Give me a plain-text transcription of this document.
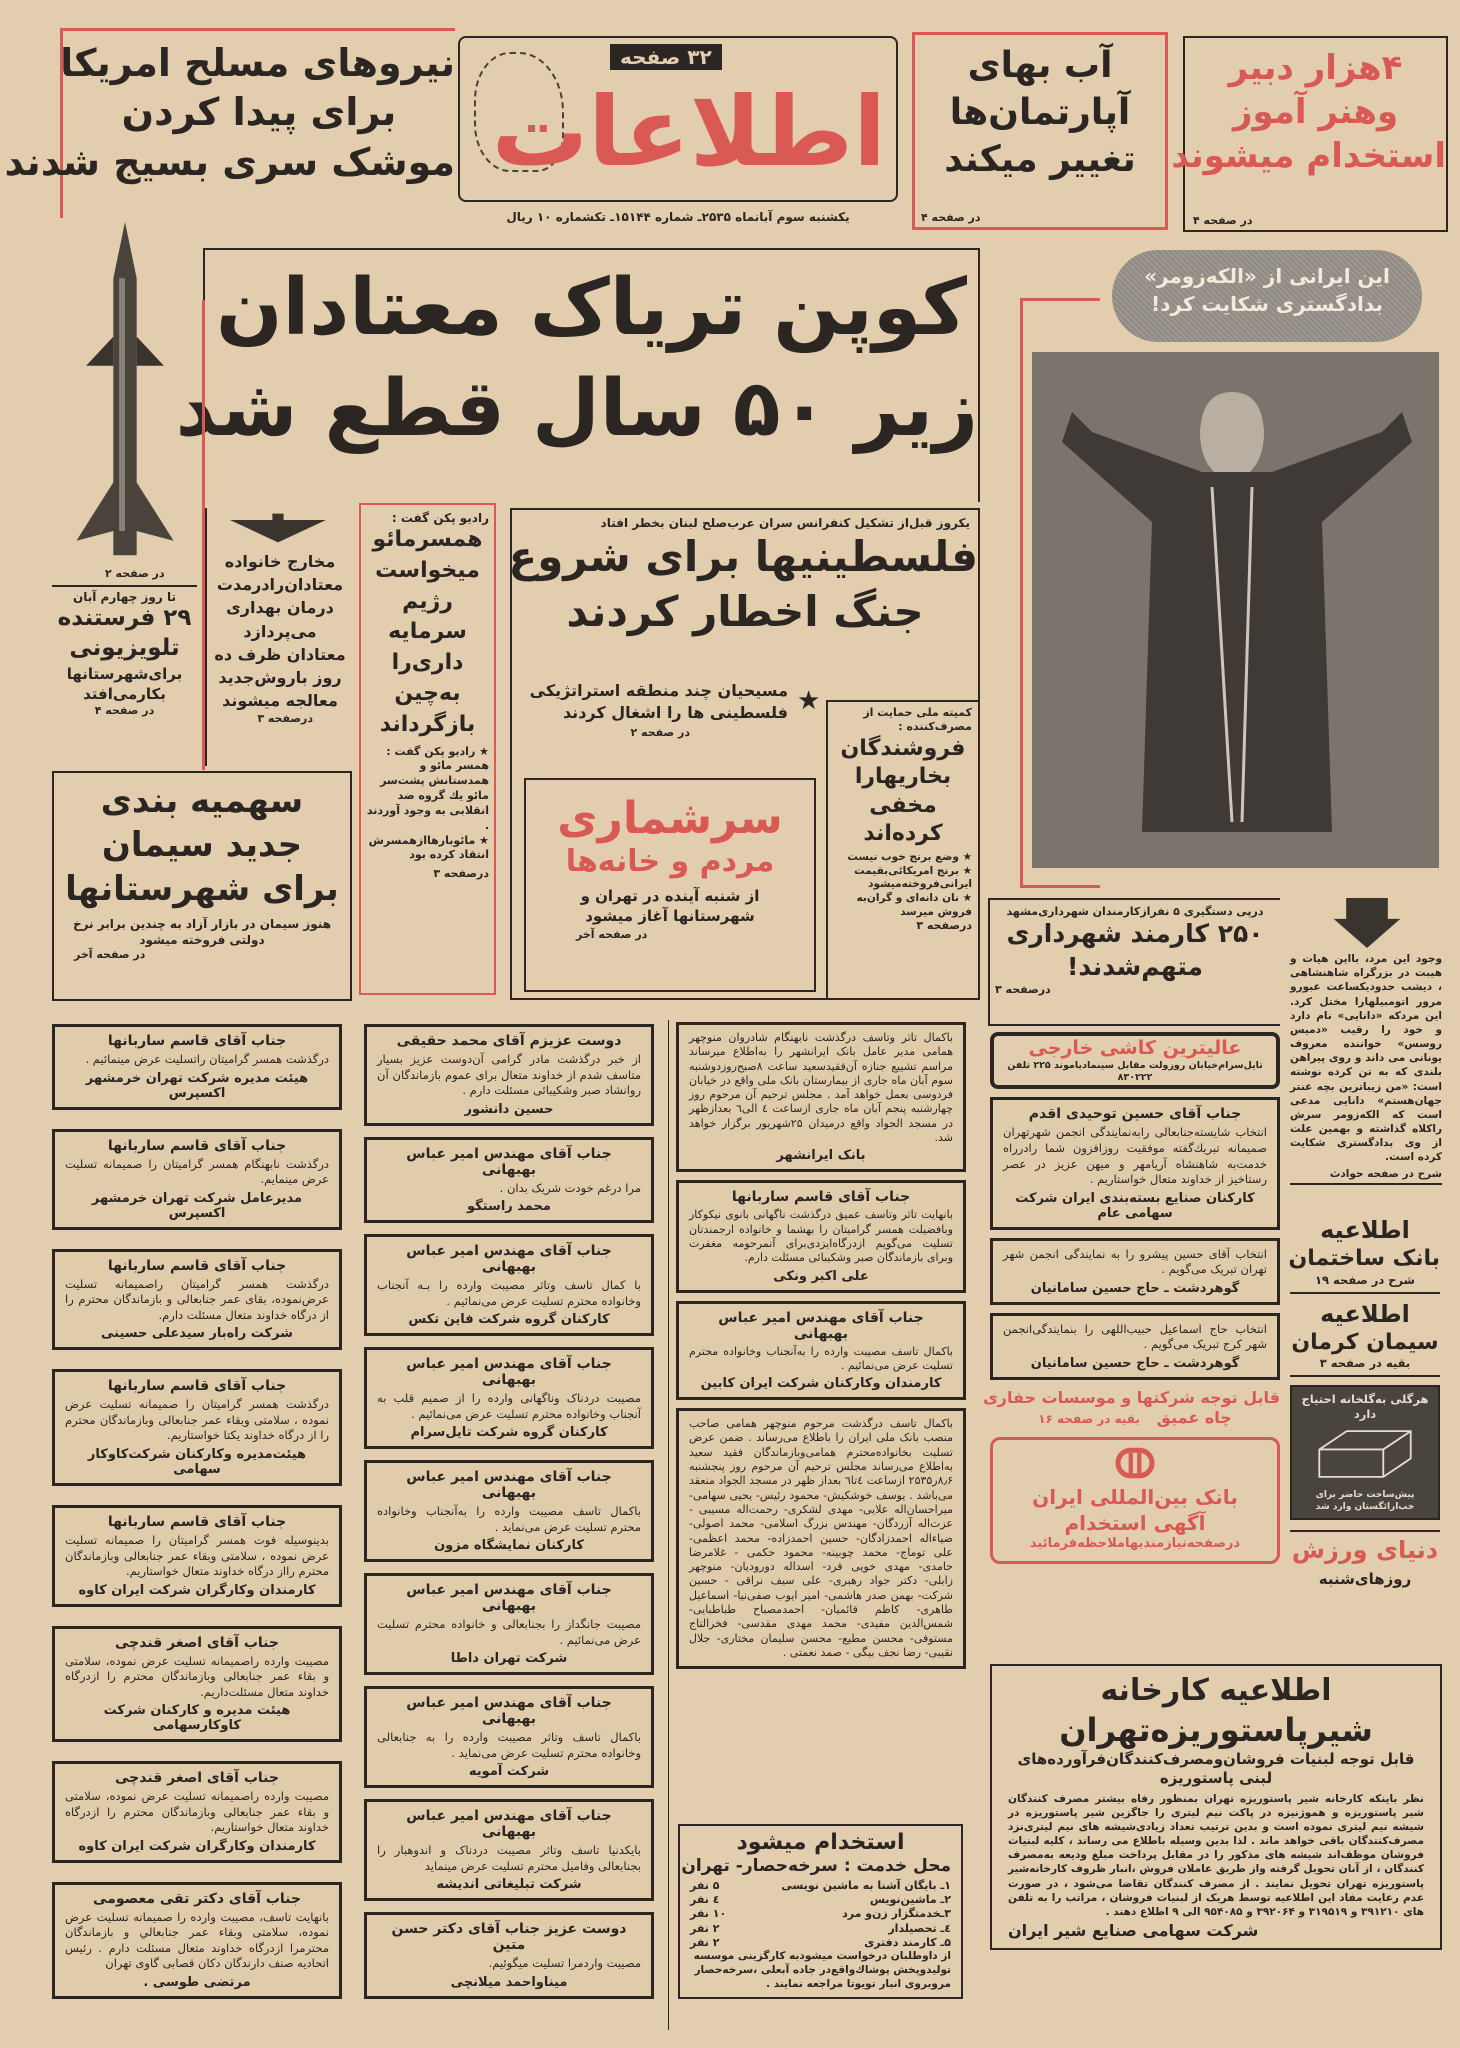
نیروهای مسلح امریکا
برای پیدا کردن
موشک سری بسیج شدند
۳۲ صفحه
اطلاعات
یکشنبه سوم آبانماه ۲۵۳۵ـ شماره ۱۵۱۴۴ـ تکشماره ۱۰ ریال
آب بهای
آپارتمان‌ها
تغییر میکند
در صفحه ۴
۴هزار دبیر
وهنر آموز
استخدام میشوند
در صفحه ۴
در صفحه ۲
کوپن تریاک معتادان
زیر ۵۰ سال قطع شد
مخارج خانواده
معتادان‌را‌درمدت
درمان بهداری
می‌پردازد
معتادان ظرف ده
روز باروش‌جدید
معالجه میشوند
درصفحه ۳
تا روز چهارم آبان
۲۹ فرستنده
تلویزیونی
برای‌شهرستانها
بکارمی‌افتد
در صفحه ۴
رادیو پکن گفت :
همسرمائو
میخواست
رژیم
سرمایه
داری‌را
به‌چین
بازگرداند
★ رادیو پکن گفت : همسر مائو و همدستانش پشت‌سر مائو یك گروه ضد انقلابی به وجود آوردند .
★ مائوبارهاازهمسرش انتقاد کرده بود
درصفحه ۳
یکروز قبل‌از تشکیل کنفرانس سران عرب‌صلح لبنان بخطر افتاد
فلسطینیها برای شروع
جنگ اخطار کردند
★
مسیحیان چند منطقه استراتژیکی
فلسطینی ها را اشغال کردند
در صفحه ۲
سرشماری
مردم و خانه‌ها
از شنبه آینده در تهران و
شهرستانها آغاز میشود
در صفحه آخر
کمیته ملی حمایت از مصرف‌کننده :
فروشندگان
بخاریهارا
مخفی
کرده‌اند
★ وضع برنج خوب نیست
★ برنج امریکائی‌بقیمت ایرانی‌فروخته‌میشود
★ نان دانه‌ای و گران‌به فروش میرسد
درصفحه ۳
سهمیه بندی
جدید سیمان
برای شهرستانها
هنوز سیمان در بازار آزاد به چندین برابر نرخ دولتی فروخته میشود
در صفحه آخر
این ایرانی از «الکه‌زومر»
بدادگستری شکایت کرد!
وجود این مرد، بااین هیات و هیبت در بزرگراه شاهنشاهی ، دیشب حدودیکساعت عبورو مرور اتومبیلهارا مختل کرد. این مردکه «دانایی» نام دارد و خود را رقیب «دمیس روسس» خواننده معروف یونانی می داند و روی پیراهن بلندی که به تن کرده نوشته است: «من زیباترین بچه عنتر جهان‌هستم» دانایی مدعی است که الکه‌زومر سرش راکلاه گذاشته و بهمین علت از وی بدادگستری شکایت کرده است.
شرح در صفحه حوادث
درپی دستگیری ۵ نفرازکارمندان شهرداری‌مشهد
۲۵۰ کارمند شهرداری
متهم‌شدند!
درصفحه ۳
جناب آقای قاسم ساربانها
درگذشت همسر گرامیتان راتسلیت عرض مینمائیم .
هیئت مدیره شرکت تهران خرمشهر اکسپرس
جناب آقای قاسم ساربانها
درگذشت نابهنگام همسر گرامیتان را صمیمانه تسلیت عرض مینمایم.
مدیرعامل شرکت تهران خرمشهر اکسپرس
جناب آقای قاسم ساربانها
درگذشت همسر گرامیتان راصمیمانه تسلیت عرض‌نموده، بقای عمر جنابعالی و بازماندگان محترم را از درگاه خداوند متعال مسئلت دارم.
شرکت راه‌بار سیدعلی حسینی
جناب آقای قاسم ساربانها
درگذشت همسر گرامیتان را صمیمانه تسلیت عرض نموده ، سلامتی وبقاء عمر جنابعالی وبازماندگان محترم را از درگاه خداوند یکتا خواستاریم.
هیئت‌مدیره وکارکنان شرکت‌کاوکار سهامی
جناب آقای قاسم ساربانها
بدینوسیله فوت همسر گرامیتان را صمیمانه تسلیت عرض نموده ، سلامتی وبقاء عمر جنابعالی وبازماندگان محترم رااز درگاه خداوند متعال خواستاریم.
کارمندان وکارگران شرکت ایران کاوه
جناب آقای اصغر قندچی
مصیبت وارده راصمیمانه تسلیت عرض نموده، سلامتی و بقاء عمر جنابعالی وبازماندگان محترم را ازدرگاه خداوند متعال مسئلت‌داریم.
هیئت مدیره و کارکنان شرکت کاوکارسهامی
جناب آقای اصغر قندچی
مصیبت وارده راصمیمانه تسلیت عرض نموده، سلامتی و بقاء عمر جنابعالی وبازماندگان محترم را ازدرگاه خداوند متعال خواستاریم.
کارمندان وکارگران شرکت ایران کاوه
جناب آقای دکتر تقی معصومی
بانهایت تاسف، مصیبت وارده را صمیمانه تسلیت عرض نموده، سلامتی وبقاء عمر جنابعالي و بازماندگان محترمرا ازدرگاه خداوند متعال مسئلت دارم . رئیس اتحادیه صنف دارندگان دکان قصابی گاوی تهران
مرتضی طوسی .
دوست عزیزم آقای محمد حقیقی
از خبر درگذشت مادر گرامی آن‌دوست عزیز بسیار متاسف شدم از خداوند متعال برای عموم بازماندگان آن روانشاد صبر وشکیبائی مسئلت دارم .
حسین دانشور
جناب آقای مهندس امیر عباس بهبهانی
مرا درغم خودت شریک بدان .
محمد راستگو
جناب آقای مهندس امیر عباس بهبهانی
با کمال تاسف وتاثر مصیبت وارده را بـه آنجناب وخانواده محترم تسلیت عرض می‌نمائیم .
کارکنان گروه شرکت فاین تکس
جناب آقای مهندس امیر عباس بهبهانی
مصیبت دردناک وناگهانی وارده را از صمیم قلب به آنجناب وخانواده محترم تسلیت عرض می‌نمائیم .
کارکنان گروه شرکت تایل‌سرام
جناب آقای مهندس امیر عباس بهبهانی
باکمال تاسف مصیبت وارده را به‌آنجناب وخانواده محترم تسلیت عرض می‌نماید .
کارکنان نمایشگاه مزون
جناب آقای مهندس امیر عباس بهبهانی
مصیبت جانگداز را بجنابعالی و خانواده محترم تسلیت عرض می‌نمائیم .
شرکت تهران داطا
جناب آقای مهندس امیر عباس بهبهانی
باکمال تاسف وتاثر مصیبت وارده را به جنابعالی وخانواده محترم تسلیت عرض می‌نماید .
شرکت آمویه
جناب آقای مهندس امیر عباس بهبهانی
بایکدنیا تاسف وتاثر مصیبت دردناک و اندوهبار را بجنابعالی وفامیل محترم تسلیت عرض مینماید
شرکت تبلیغاتی اندیشه
دوست عزیز جناب آقای دکتر حسن متین
مصیبت واردمرا تسلیت میگوئیم.
میناواحمد میلانچی
باکمال تاثر وتاسف درگذشت نابهنگام شادروان منوچهر همامی مدیر عامل بانک ایرانشهر را به‌اطلاع میرساند مراسم تشییع جنازه آن‌فقیدسعید ساعت ۸صبح‌روزدوشنبه سوم آبان ماه جاری از بیمارستان بانک ملی واقع در خیابان فردوسی بعمل خواهد آمد . مجلس ترحیم آن مرحوم روز چهارشنبه پنجم آبان ماه جاری ازساعت ٤ الی٦ بعدازظهر در مسجد الجواد واقع درمیدان ۲۵شهریور برگزار خواهد شد.
بانک ایرانشهر
جناب آقای قاسم ساربانها
بانهایت تاثر وتاسف عمیق درگذشت ناگهانی بانوی نیکوکار وبافضیلت همسر گرامیتان را بهشما و خانواده ارجمندتان تسلیت می‌گویم ازدرگاه‌ایزدی‌برای آنمرحومه مغفرت وبرای بازماندگان صبر وشکیبائی مسئلت دارم.
علی اکبر ونکی
جناب آقای مهندس امیر عباس بهبهانی
باکمال تاسف مصیبت وارده را به‌آنجناب وخانواده محترم تسلیت عرض می‌نمائیم .
کارمندان وکارکنان شرکت ایران کابین
باکمال تاسف درگذشت مرحوم منوچهر همامی صاحب منصب بانک ملی ایران را باطلاع می‌رساند . ضمن عرض تسلیت بخانواده‌محترم همامی‌وبازماندگان فقید سعید به‌اطلاع می‌رساند مجلس ترحیم آن مرحوم روز پنجشنبه ۸٫۶ر۲۵۳۵ ازساعت ٤تا٦ بعداز ظهر در مسجد الجواد منعقد می‌باشد . یوسف خوشکیش- محمود رئیس- یحیی سهامی- میراحسان‌اله علایی- مهدی لشکری- رحمت‌اله مسیبی - عزت‌اله آزردگان- مهندس بزرگ اسلامی- محمد اصولی- ضیاءاله احمدزادگان- حسین احمدزاده- محمد اعظمی- علی توماج- محمد چوبینه- محمود حکمی - غلامرضا حامدی- مهدی خویی فرد- اسداله دورودیان- منوچهر زابلی- دکتر جواد رهبری- علی سیف نراقی - حسین شرکت- بهمن صدر هاشمی- امیر ایوب صفی‌نیا- اسماعیل طاهری- کاظم قائمیان- احمدمصباح طباطبایی- شمس‌الدین مفیدی- محمد مهدی مقدسی- فخرالتاج مستوفی- محسن مطیع- محسن سلیمان مختاری- جلال نقیبی- رضا نجف بیگی - صمد نعمتی .
استخدام میشود
محل خدمت : سرخه‌حصار- تهران
۱ـ بایگان آشنا به ماشین نویسی
۵ نفر
۲ـ ماشین‌نویس
٤ نفر
۳ـخدمتگزار زن‌و مرد
۱۰ نفر
٤ـ تحصیلدار
۲ نفر
۵ـ کارمند دفتری
۲ نفر
از داوطلبان درخواست میشودبه کارگزینی موسسه تولیدوپخش پوشاك‌واقع‌در جاده آبعلی ،سرخه‌حصار مروبروی انبار تویوتا مراجعه نمایند .
عالیترین کاشی خارجی
تایل‌سرام‌خیابان روزولت مقابل سینما‌دیاموند ۲۲۵ تلفن ۸۳۰۲۲۲
جناب آقای حسین توحیدی اقدم
انتخاب شایسته‌جنابعالی رابه‌نمایندگی انجمن شهرتهران صمیمانه تبریك‌گفته موفقیت روزافزون شما رادرراه خدمت‌به شاهنشاه آریامهر و میهن عزیز در عصر رستاخیز از خداوند متعال خواستاریم .
کارکنان صنایع بسته‌بندی ایران شرکت سهامی عام
انتخاب آقای حسین پیشرو را به نمایندگی انجمن شهر تهران تبریک می‌گویم .
گوهردشت ـ حاج حسین سامانیان
انتخاب حاج اسماعیل حبیب‌اللهی را بنمایندگی‌انجمن شهر کرج تبریک می‌گویم .
گوهردشت ـ حاج حسین سامانیان
قابل توجه شرکتها و موسسات حفاری
چاه عمیق   بقیه در صفحه ۱۶
بانک بین‌المللی ایران
آگهی استخدام
درصفحه‌نیازمندیهاملاحظه‌فرمائید
اطلاعیه
بانک ساختمان
شرح در صفحه ۱۹
اطلاعیه
سیمان کرمان
بقیه در صفحه ۳
هرگلی به‌گلخانه احتیاج دارد
پیش‌ساخت حاضر برای خب‌ارائگستان وارد شد
دنیای ورزش
روزهای‌شنبه
اطلاعیه کارخانه
شیرپاستوریزه‌تهران
قابل توجه لبنیات فروشان‌ومصرف‌کنندگان‌فرآورده‌های لبنی پاستوریزه
نظر باینکه کارخانه شیر پاستوریزه تهران بمنظور رفاه بیشتر مصرف کنندگان شیر پاستوریزه و هموژنیزه در پاکت نیم لیتری را جاگزین شیر پاستوریزه در شیشه نیم لیتری نموده است و بدین ترتیب تعداد زیادی‌شیشه های نیم لیتری‌نزد مصرف‌کنندگان باقی خواهد ماند . لذا بدین وسیله باطلاع می رساند ، کلیه لبنیات فروشان موظف‌اند شیشه های مذکور را در مقابل پرداخت مبلغ ودیعه به‌مصرف کنندگان ، از آنان تحویل گرفته واز طریق عاملان فروش ،انبار ظروف کارخانه‌شیر پاستوریزه تهران تحویل نمایند . از مصرف کنندگان تقاضا می‌شود ، در صورت عدم رعایت مفاد این اطلاعیه توسط هریک از لبنیات فروشان ، مراتب را به تلفن های ۳۹۱۲۱۰ و ۳۱۹۵۱۹ و ۳۹۲۰۶۴ و ۹۵۴۰۸۵ الی ۹ اطلاع دهند .
شرکت سهامی صنایع شیر ایران
